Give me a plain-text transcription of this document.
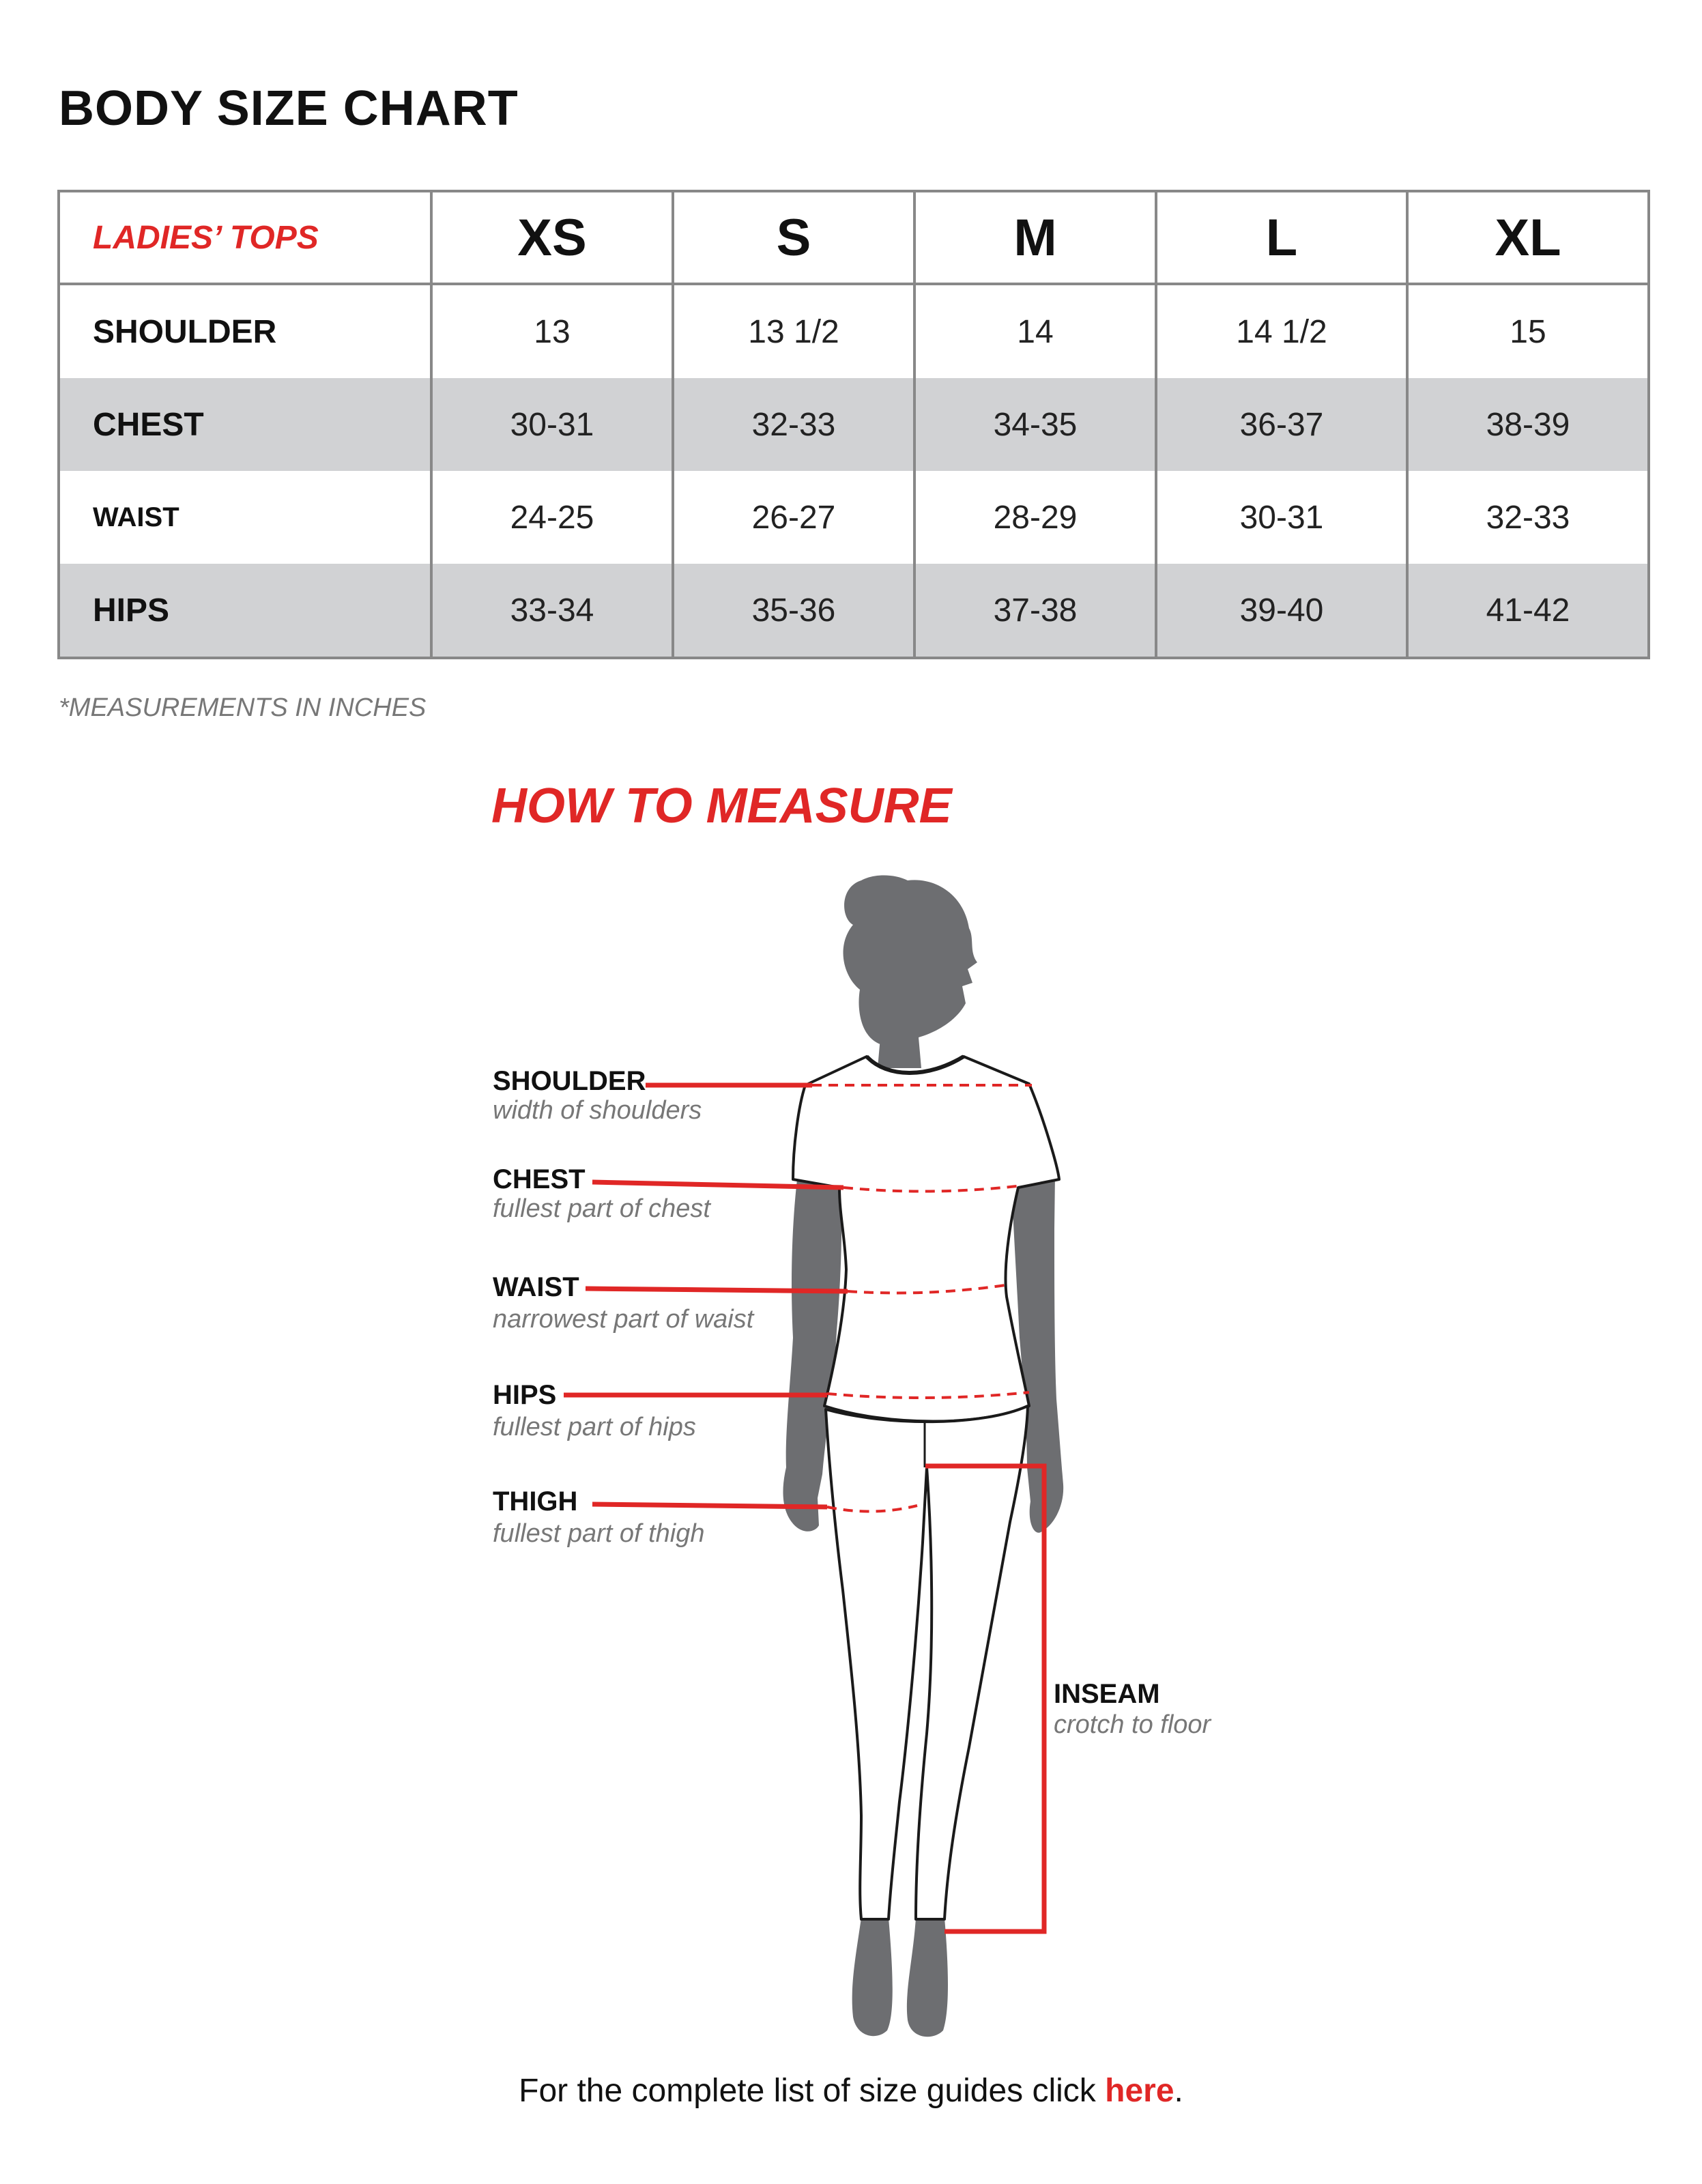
BODY SIZE CHART
LADIES’ TOPS	XS	S	M	L	XL
SHOULDER	13	13 1/2	14	14 1/2	15
CHEST	30-31	32-33	34-35	36-37	38-39
WAIST	24-25	26-27	28-29	30-31	32-33
HIPS	33-34	35-36	37-38	39-40	41-42
*MEASUREMENTS IN INCHES
HOW TO MEASURE
SHOULDER
width of shoulders
CHEST
fullest part of chest
WAIST
narrowest part of waist
HIPS
fullest part of hips
THIGH
fullest part of thigh
INSEAM
crotch to floor
For the complete list of size guides click here.
